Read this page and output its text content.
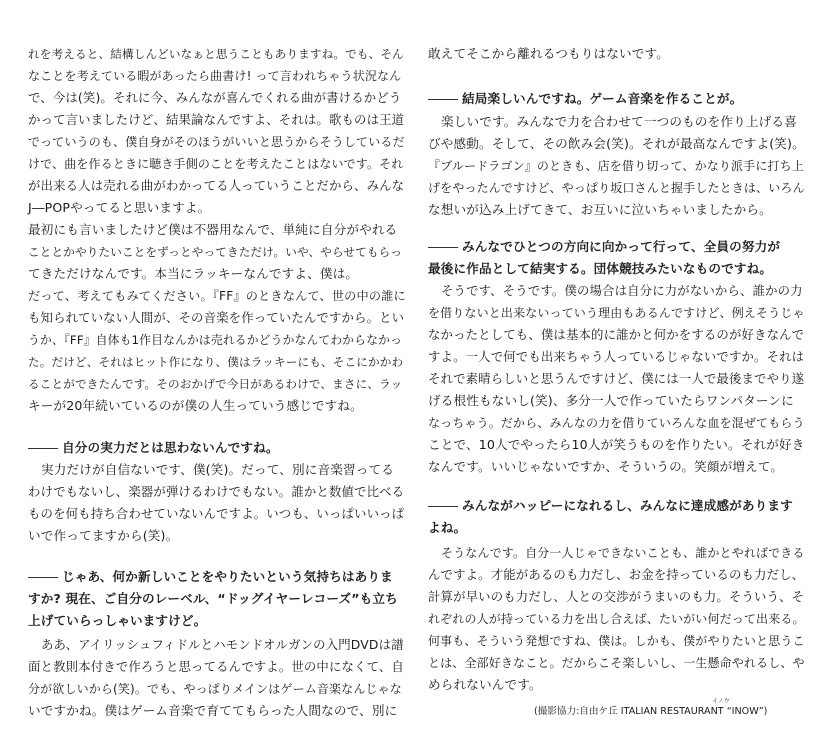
れを考えると、結構しんどいなぁと思うこともありますね。でも、そん
なことを考えている暇があったら曲書け! って言われちゃう状況なん
で、今は(笑)。それに今、みんなが喜んでくれる曲が書けるかどう
かって言いましたけど、結果論なんですよ、それは。歌ものは王道
でっていうのも、僕自身がそのほうがいいと思うからそうしているだ
けで、曲を作るときに聴き手側のことを考えたことはないです。それ
が出来る人は売れる曲がわかってる人っていうことだから、みんな
J―POPやってると思いますよ。
最初にも言いましたけど僕は不器用なんで、単純に自分がやれる
こととかやりたいことをずっとやってきただけ。いや、やらせてもらっ
てきただけなんです。本当にラッキーなんですよ、僕は。
だって、考えてもみてください。『FF』のときなんて、世の中の誰に
も知られていない人間が、その音楽を作っていたんですから。とい
うか、『FF』自体も1作目なんかは売れるかどうかなんてわからなかっ
た。だけど、それはヒット作になり、僕はラッキーにも、そこにかかわ
ることができたんです。そのおかげで今日があるわけで、まさに、ラッ
キーが20年続いているのが僕の人生っていう感じですね。
自分の実力だとは思わないんですね。
実力だけが自信ないです、僕(笑)。だって、別に音楽習ってる
わけでもないし、楽器が弾けるわけでもない。誰かと数値で比べる
ものを何も持ち合わせていないんですよ。いつも、いっぱいいっぱ
いで作ってますから(笑)。
じゃあ、何か新しいことをやりたいという気持ちはありま
すか? 現在、ご自分のレーベル、“ドッグイヤーレコーズ”も立ち
上げていらっしゃいますけど。
ああ、アイリッシュフィドルとハモンドオルガンの入門DVDは譜
面と教則本付きで作ろうと思ってるんですよ。世の中になくて、自
分が欲しいから(笑)。でも、やっぱりメインはゲーム音楽なんじゃな
いですかね。僕はゲーム音楽で育ててもらった人間なので、別に
敢えてそこから離れるつもりはないです。
結局楽しいんですね。ゲーム音楽を作ることが。
楽しいです。みんなで力を合わせて一つのものを作り上げる喜
びや感動。そして、その飲み会(笑)。それが最高なんですよ(笑)。
『ブルードラゴン』のときも、店を借り切って、かなり派手に打ち上
げをやったんですけど、やっぱり坂口さんと握手したときは、いろん
な想いが込み上げてきて、お互いに泣いちゃいましたから。
みんなでひとつの方向に向かって行って、全員の努力が
最後に作品として結実する。団体競技みたいなものですね。
そうです、そうです。僕の場合は自分に力がないから、誰かの力
を借りないと出来ないっていう理由もあるんですけど、例えそうじゃ
なかったとしても、僕は基本的に誰かと何かをするのが好きなんで
すよ。一人で何でも出来ちゃう人っているじゃないですか。それは
それで素晴らしいと思うんですけど、僕には一人で最後までやり遂
げる根性もないし(笑)、多分一人で作っていたらワンパターンに
なっちゃう。だから、みんなの力を借りていろんな血を混ぜてもらう
ことで、10人でやったら10人が笑うものを作りたい。それが好き
なんです。いいじゃないですか、そういうの。笑顔が増えて。
みんながハッピーになれるし、みんなに達成感がありますよね。
そうなんです。自分一人じゃできないことも、誰かとやればできる
んですよ。才能があるのも力だし、お金を持っているのも力だし、
計算が早いのも力だし、人との交渉がうまいのも力。そういう、そ
れぞれの人が持っている力を出し合えば、たいがい何だって出来る。
何事も、そういう発想ですね、僕は。しかも、僕がやりたいと思うこ
とは、全部好きなこと。だからこそ楽しいし、一生懸命やれるし、や
められないんです。
イノウ
(撮影協力:自由ケ丘 ITALIAN RESTAURANT “INOW”)
